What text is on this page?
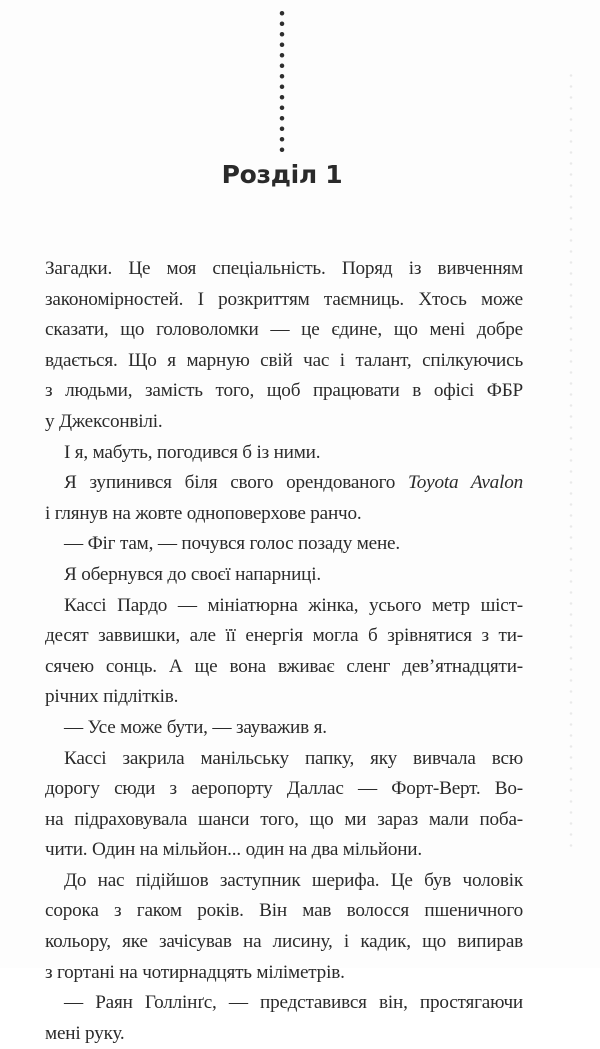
Розділ 1

Загадки. Це моя спеціальність. Поряд із вивченням
закономірностей. І розкриттям таємниць. Хтось може
сказати, що головоломки — це єдине, що мені добре
вдається. Що я марную свій час і талант, спілкуючись
з людьми, замість того, щоб працювати в офісі ФБР
у Джексонвілі.

І я, мабуть, погодився б із ними.

Я зупинився біля свого орендованого Toyota Avalon
і глянув на жовте одноповерхове ранчо.

— Фіг там, — почувся голос позаду мене.

Я обернувся до своєї напарниці.

Кассі Пардо — мініатюрна жінка, усього метр шіст-
десят заввишки, але її енергія могла б зрівнятися з ти-
сячею сонць. А ще вона вживає сленг дев’ятнадцяти-
річних підлітків.

— Усе може бути, — зауважив я.

Кассі закрила манільську папку, яку вивчала всю
дорогу сюди з аеропорту Даллас — Форт-Верт. Во-
на підраховувала шанси того, що ми зараз мали поба-
чити. Один на мільйон... один на два мільйони.

До нас підійшов заступник шерифа. Це був чоловік
сорока з гаком років. Він мав волосся пшеничного
кольору, яке зачісував на лисину, і кадик, що випирав
з гортані на чотирнадцять міліметрів.

— Раян Голлінґс, — представився він, простягаючи
мені руку.
